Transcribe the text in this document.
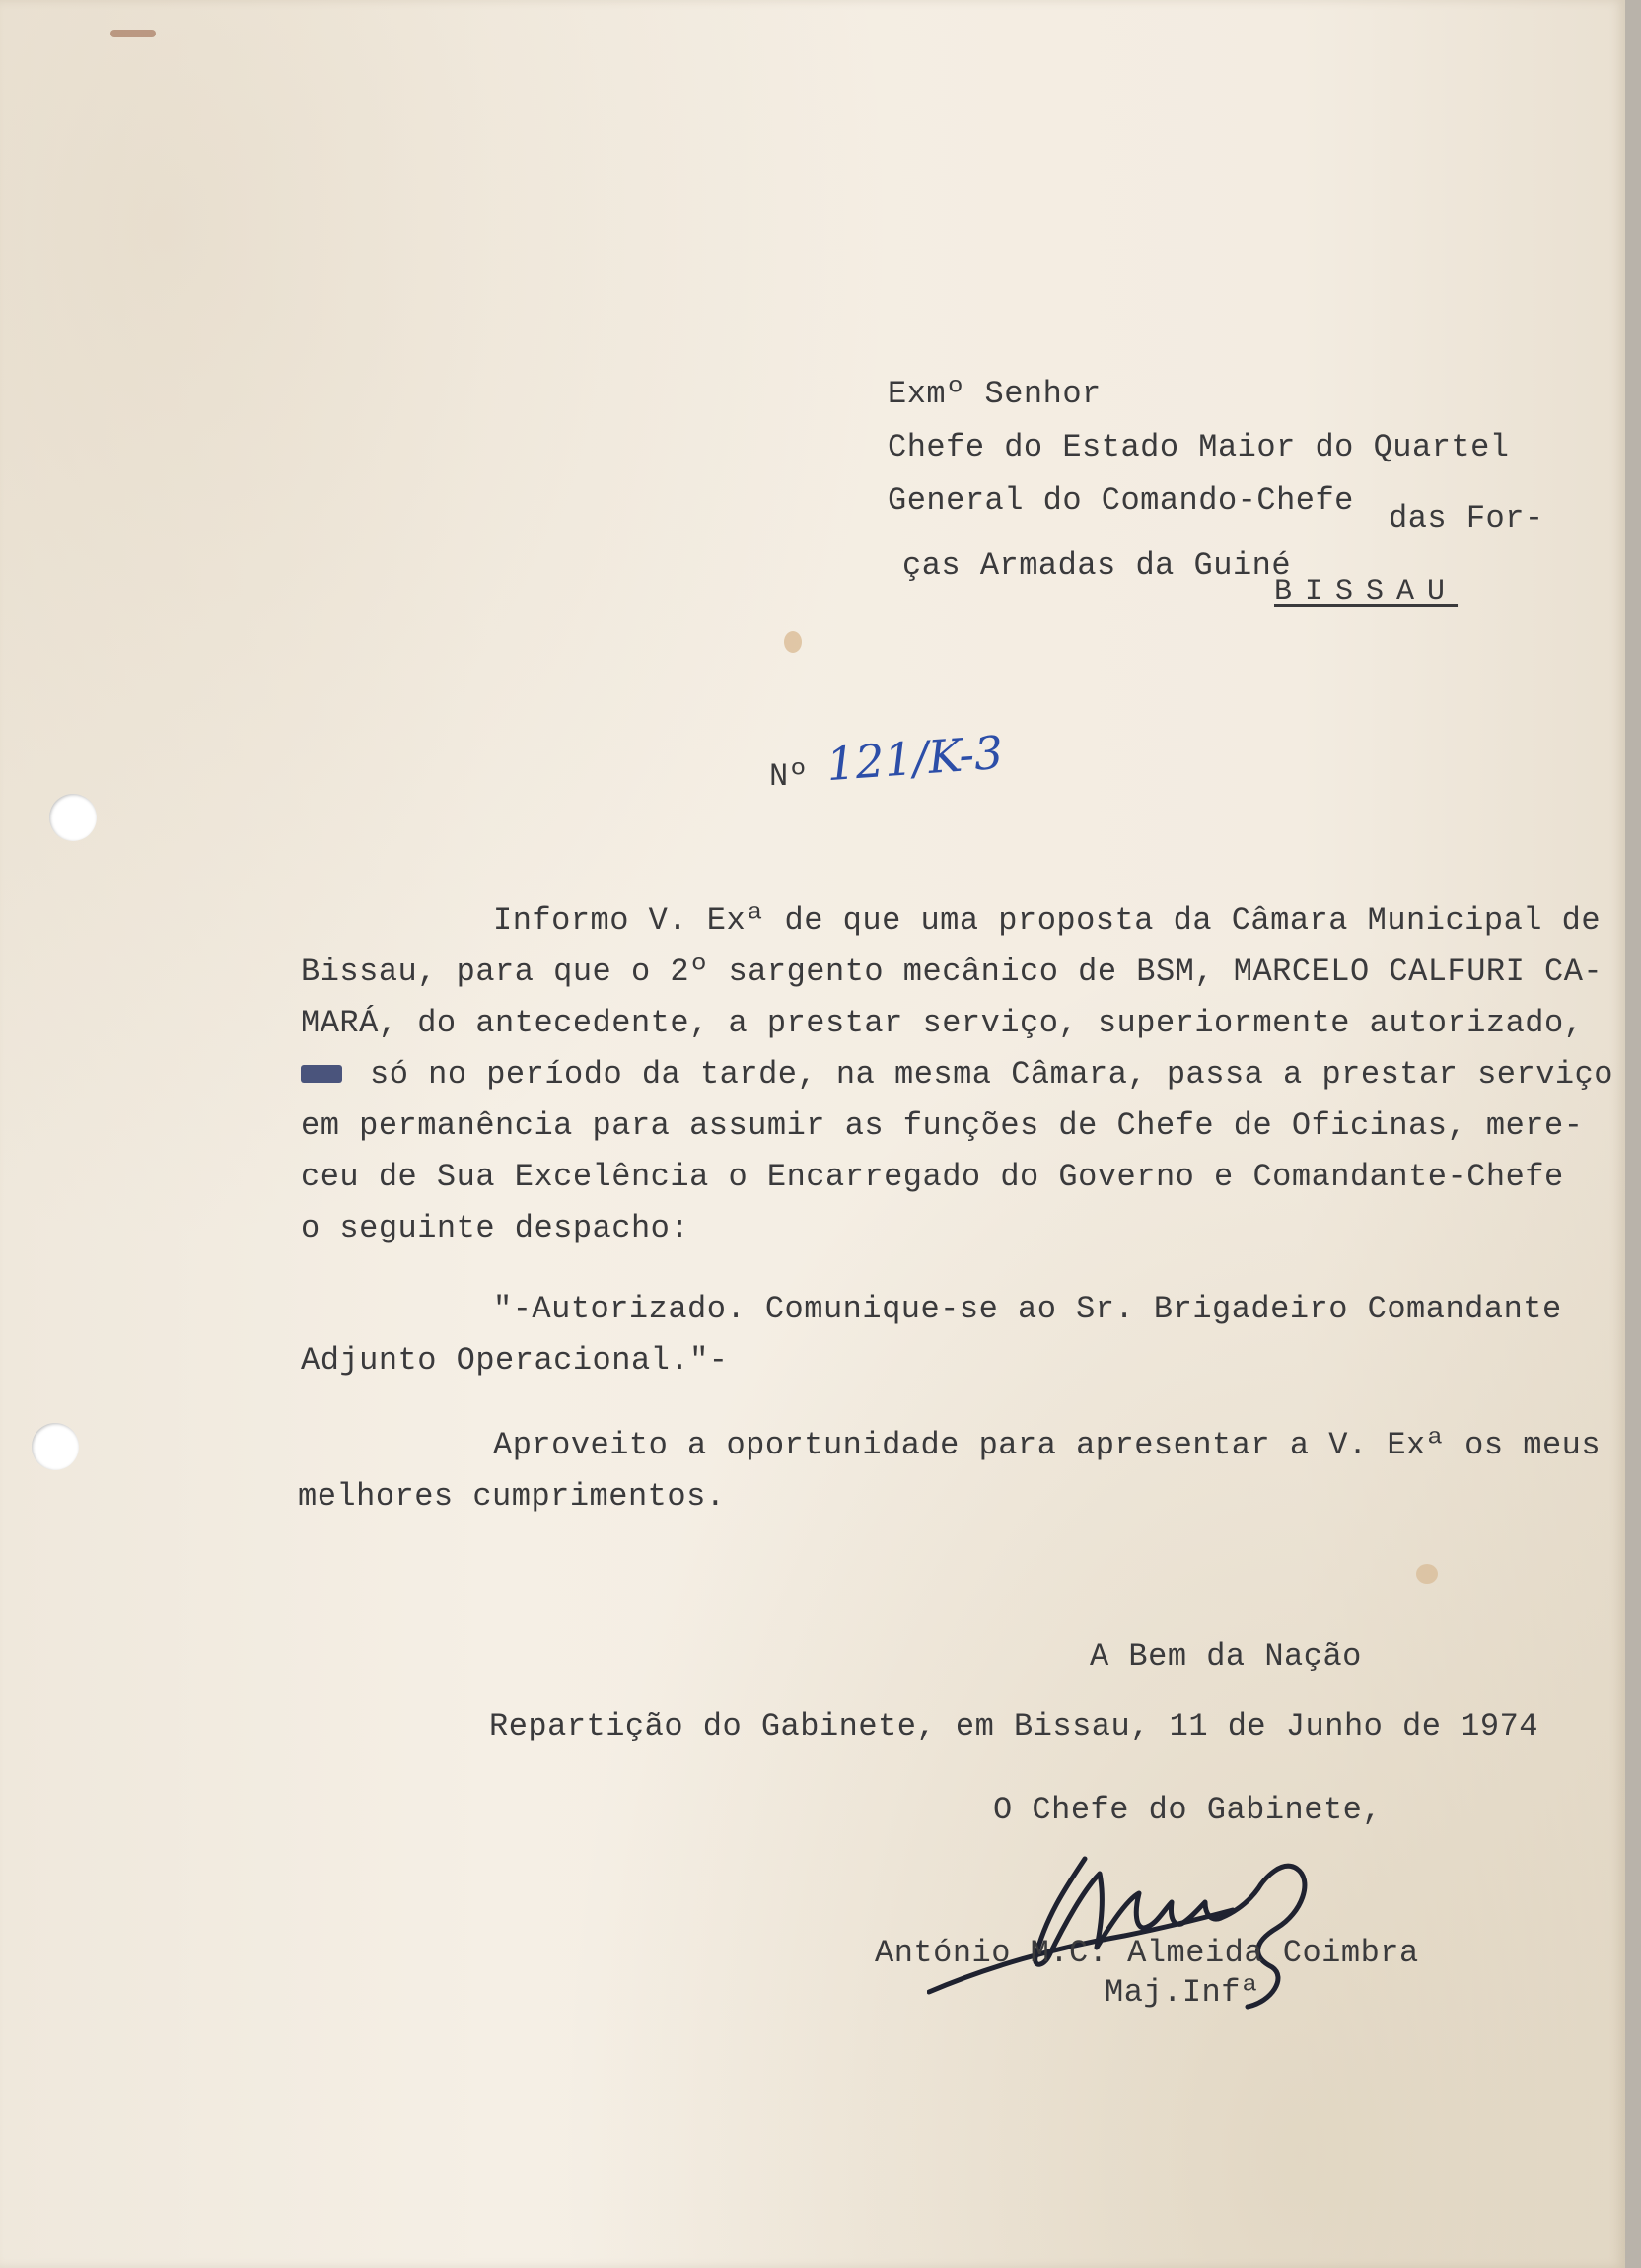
Exmº Senhor
Chefe do Estado Maior do Quartel
General do Comando-Chefe das For-
ças Armadas da Guiné
BISSAU
Nº 121/K-3
Informo V. Exª de que uma proposta da Câmara Municipal de
Bissau, para que o 2º sargento mecânico de BSM, MARCELO CALFURI CA-
MARÁ, do antecedente, a prestar serviço, superiormente autorizado,
só no período da tarde, na mesma Câmara, passa a prestar serviço
em permanência para assumir as funções de Chefe de Oficinas, mere-
ceu de Sua Excelência o Encarregado do Governo e Comandante-Chefe
o seguinte despacho:
"-Autorizado. Comunique-se ao Sr. Brigadeiro Comandante
Adjunto Operacional."-
Aproveito a oportunidade para apresentar a V. Exª os meus
melhores cumprimentos.
A Bem da Nação
Repartição do Gabinete, em Bissau, 11 de Junho de 1974
O Chefe do Gabinete,
António M.C. Almeida Coimbra
Maj.Infª
